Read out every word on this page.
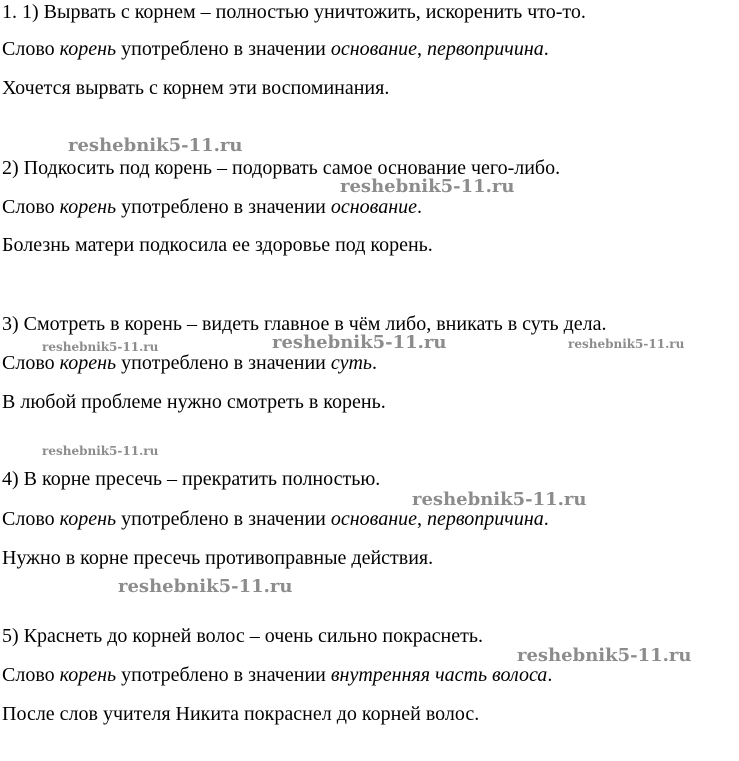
1. 1) Вырвать с корнем – полностью уничтожить, искоренить что-то.
Слово корень употреблено в значении основание, первопричина.
Хочется вырвать с корнем эти воспоминания.
2) Подкосить под корень – подорвать самое основание чего-либо.
Слово корень употреблено в значении основание.
Болезнь матери подкосила ее здоровье под корень.
3) Смотреть в корень – видеть главное в чём либо, вникать в суть дела.
Слово корень употреблено в значении суть.
В любой проблеме нужно смотреть в корень.
4) В корне пресечь – прекратить полностью.
Слово корень употреблено в значении основание, первопричина.
Нужно в корне пресечь противоправные действия.
5) Краснеть до корней волос – очень сильно покраснеть.
Слово корень употреблено в значении внутренняя часть волоса.
После слов учителя Никита покраснел до корней волос.
reshebnik5-11.ru
reshebnik5-11.ru
reshebnik5-11.ru	reshebnik5-11.ru	reshebnik5-11.ru
reshebnik5-11.ru
reshebnik5-11.ru
reshebnik5-11.ru
reshebnik5-11.ru
